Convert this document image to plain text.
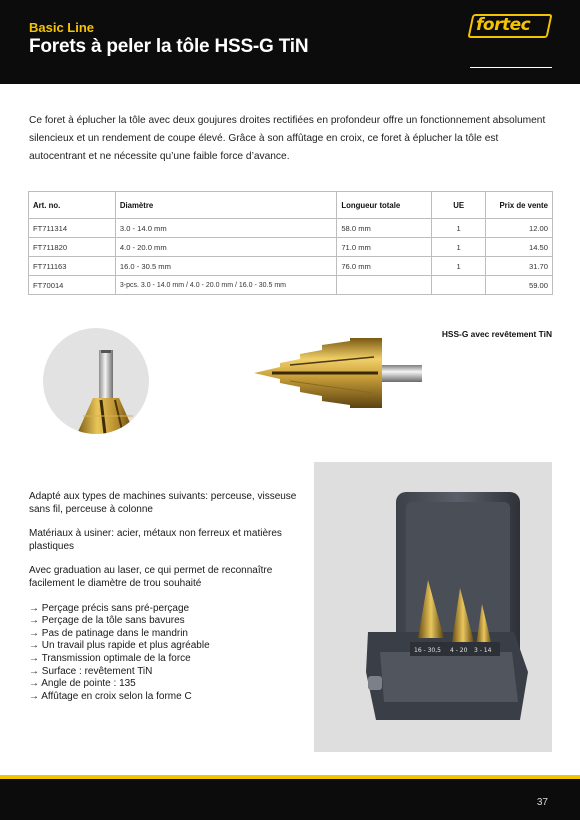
Basic Line
Forets à peler la tôle HSS-G TiN
fortec
Ce foret à éplucher la tôle avec deux goujures droites rectifiées en profondeur offre un fonctionnement absolument silencieux et un rendement de coupe élevé. Grâce à son affûtage en croix, ce foret à éplucher la tôle est autocentrant et ne nécessite qu’une faible force d’avance.
Art. no.	Diamètre	Longueur totale	UE	Prix de vente
FT711314	3.0 - 14.0 mm	58.0 mm	1	12.00
FT711820	4.0 - 20.0 mm	71.0 mm	1	14.50
FT711163	16.0 - 30.5 mm	76.0 mm	1	31.70
FT70014	3-pcs. 3.0 - 14.0 mm / 4.0 - 20.0 mm / 16.0 - 30.5 mm			59.00
HSS-G avec revêtement TiN

Adapté aux types de machines suivants: perceuse, visseuse sans fil, perceuse à colonne

Matériaux à usiner: acier, métaux non ferreux et matières plastiques

Avec graduation au laser, ce qui permet de reconnaître facilement le diamètre de trou souhaité

→ Perçage précis sans pré-perçage
→ Perçage de la tôle sans bavures
→ Pas de patinage dans le mandrin
→ Un travail plus rapide et plus agréable
→ Transmission optimale de la force
→ Surface : revêtement TiN
→ Angle de pointe : 135
→ Affûtage en croix selon la forme C
16 - 30,5 4 - 20 3 - 14
37
